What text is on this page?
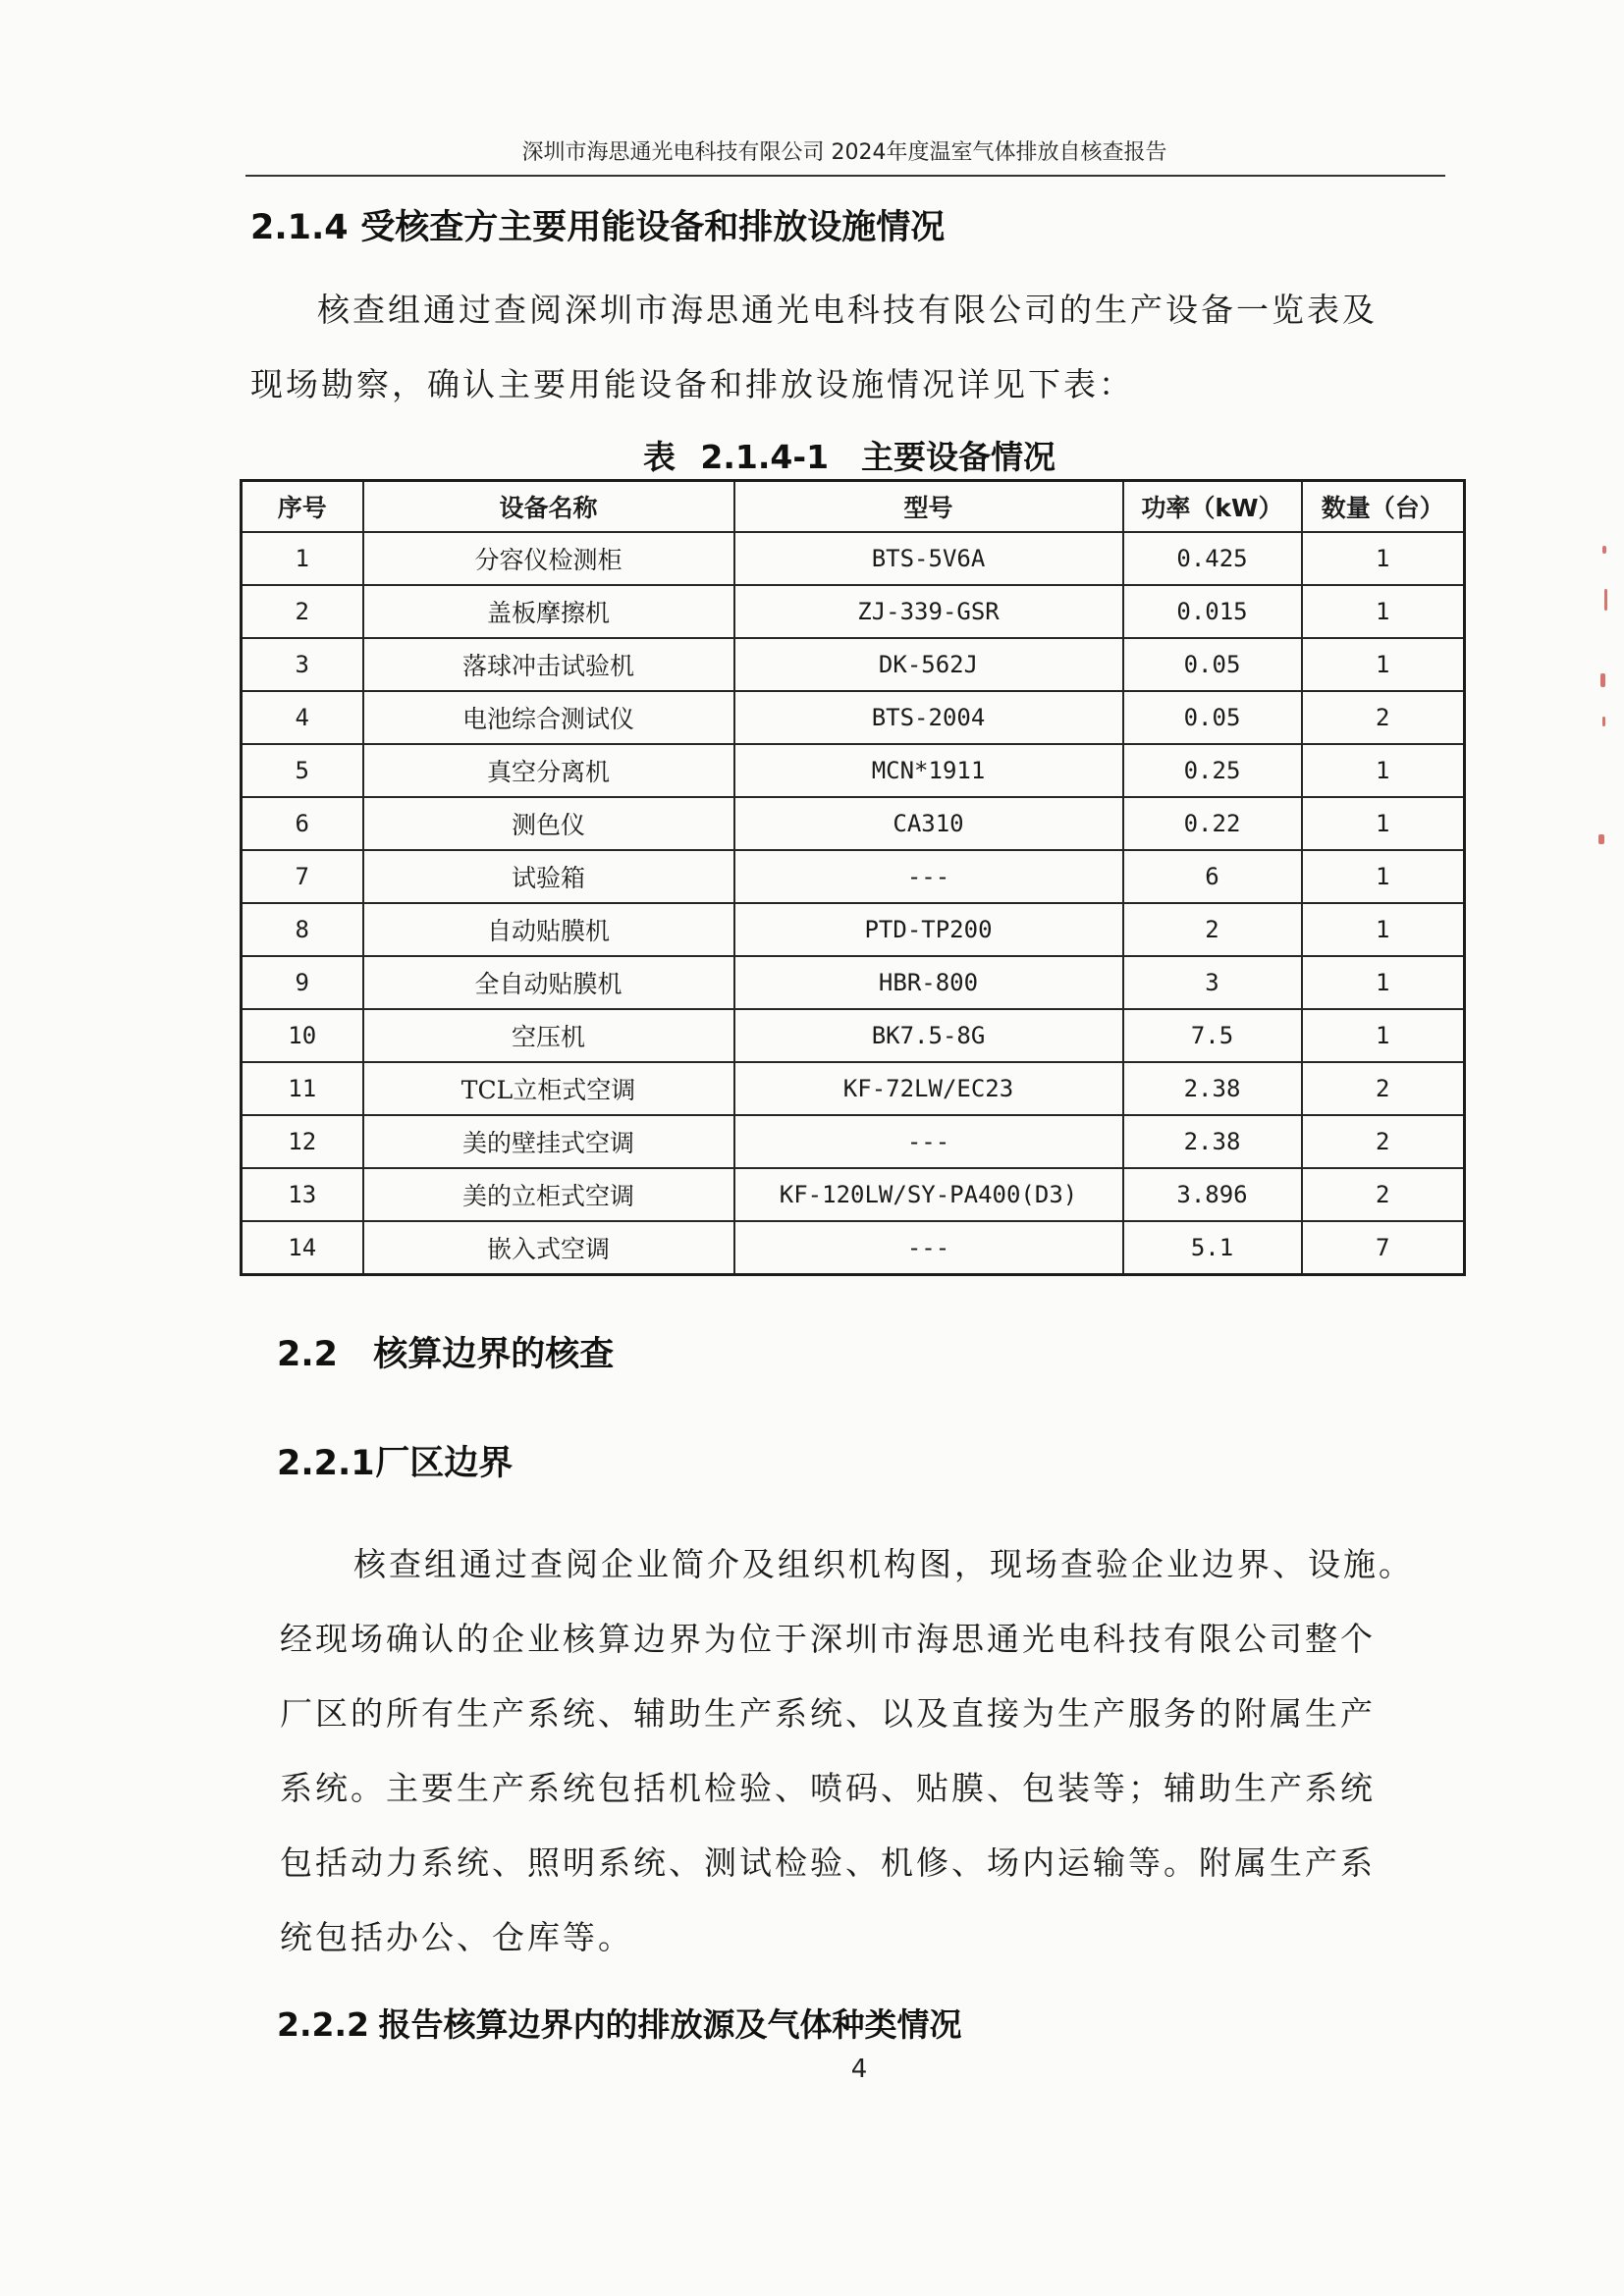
深圳市海思通光电科技有限公司 2024年度温室气体排放自核查报告
2.1.4 受核查方主要用能设备和排放设施情况
核查组通过查阅深圳市海思通光电科技有限公司的生产设备一览表及
现场勘察，确认主要用能设备和排放设施情况详见下表：
表 2.1.4-1　主要设备情况
序号	设备名称	型号	功率（kW）	数量（台）
1	分容仪检测柜	BTS-5V6A	0.425	1
2	盖板摩擦机	ZJ-339-GSR	0.015	1
3	落球冲击试验机	DK-562J	0.05	1
4	电池综合测试仪	BTS-2004	0.05	2
5	真空分离机	MCN*1911	0.25	1
6	测色仪	CA310	0.22	1
7	试验箱	---	6	1
8	自动贴膜机	PTD-TP200	2	1
9	全自动贴膜机	HBR-800	3	1
10	空压机	BK7.5-8G	7.5	1
11	TCL立柜式空调	KF-72LW/EC23	2.38	2
12	美的壁挂式空调	---	2.38	2
13	美的立柜式空调	KF-120LW/SY-PA400(D3)	3.896	2
14	嵌入式空调	---	5.1	7
2.2 核算边界的核查
2.2.1 厂区边界
核查组通过查阅企业简介及组织机构图，现场查验企业边界、设施。
经现场确认的企业核算边界为位于深圳市海思通光电科技有限公司整个
厂区的所有生产系统、辅助生产系统、以及直接为生产服务的附属生产
系统。主要生产系统包括机检验、喷码、贴膜、包装等；辅助生产系统
包括动力系统、照明系统、测试检验、机修、场内运输等。附属生产系
统包括办公、仓库等。
2.2.2 报告核算边界内的排放源及气体种类情况
4
